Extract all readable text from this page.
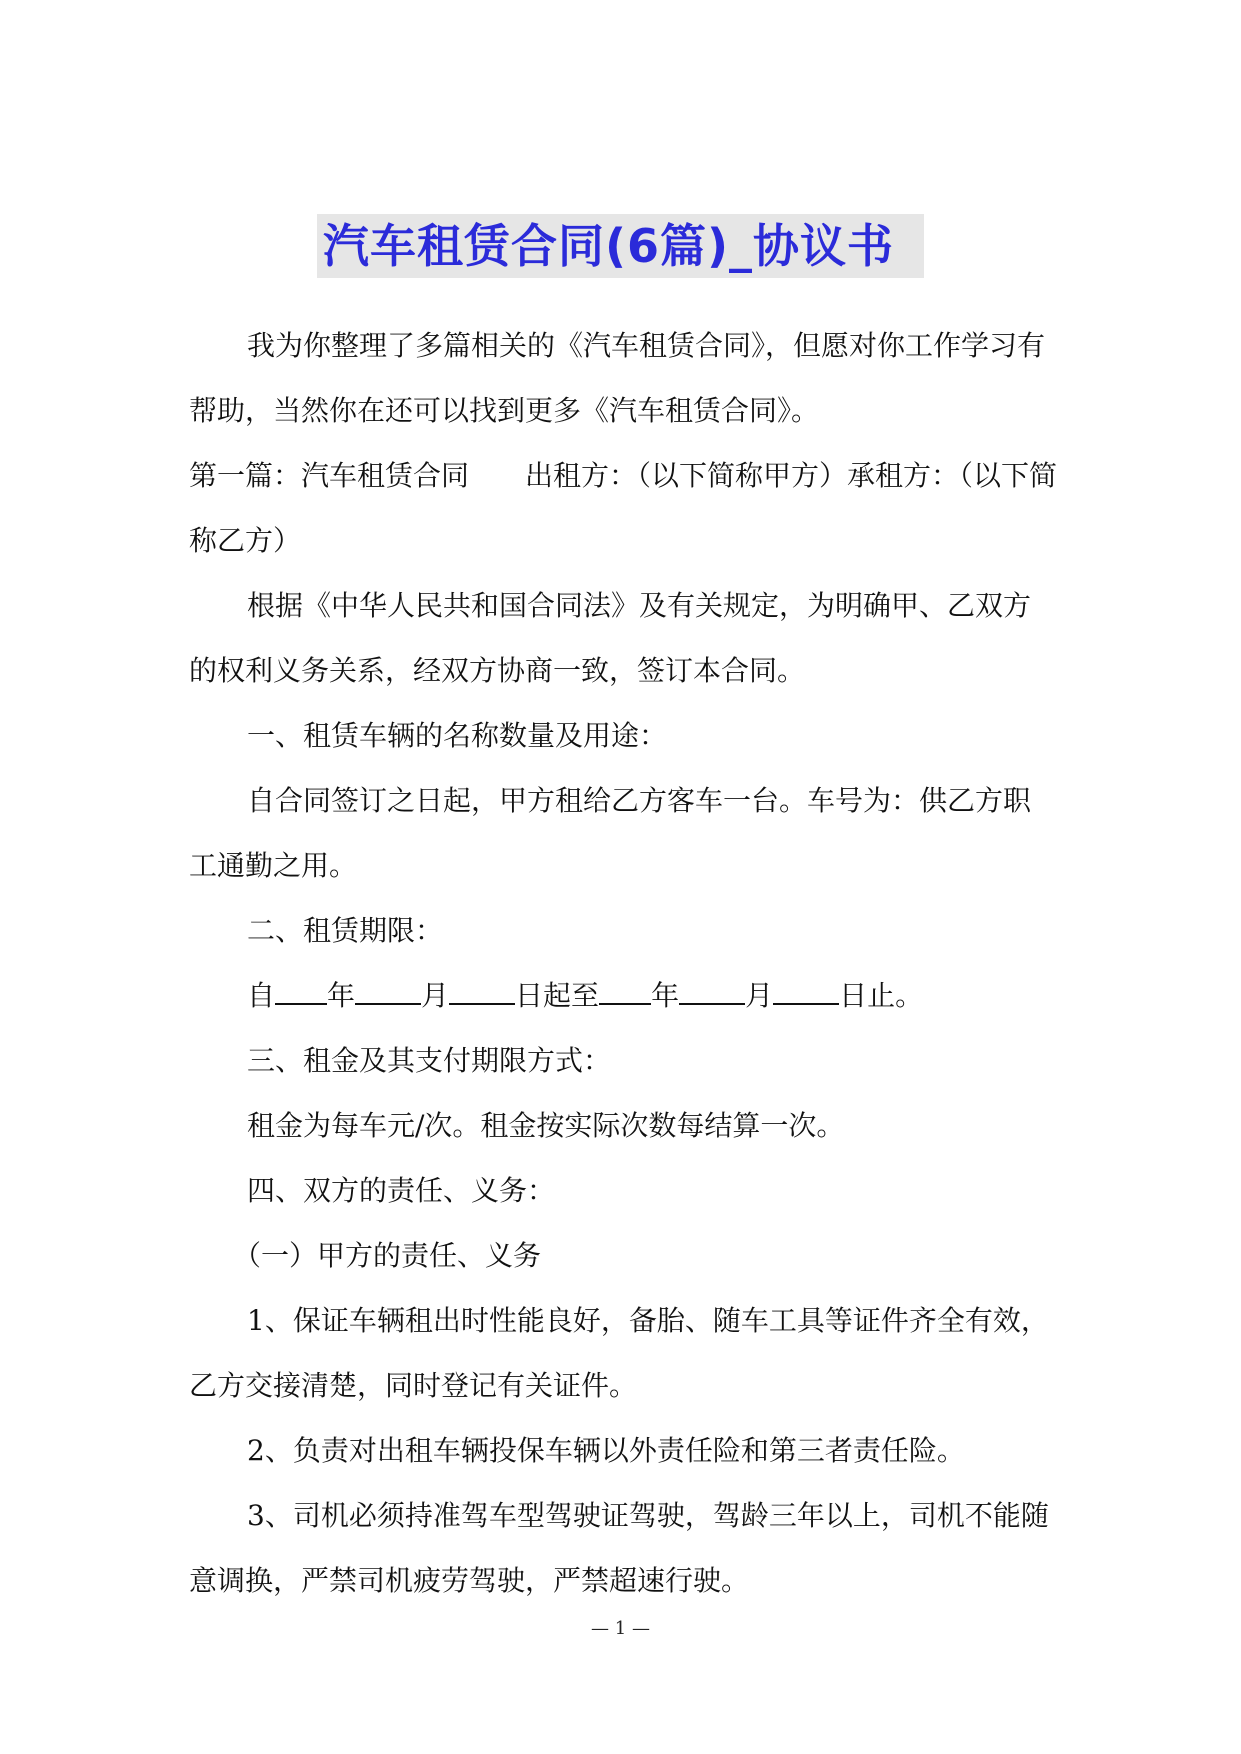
汽车租赁合同(6篇)_协议书

我为你整理了多篇相关的《汽车租赁合同》，但愿对你工作学习有帮助，当然你在还可以找到更多《汽车租赁合同》。

第一篇：汽车租赁合同　　出租方：（以下简称甲方）承租方：（以下简称乙方）

根据《中华人民共和国合同法》及有关规定，为明确甲、乙双方的权利义务关系，经双方协商一致，签订本合同。

一、租赁车辆的名称数量及用途：

自合同签订之日起，甲方租给乙方客车一台。车号为：供乙方职工通勤之用。

二、租赁期限：

自 年 月 日起至 年 月 日止。

三、租金及其支付期限方式：

租金为每车元/次。租金按实际次数每结算一次。

四、双方的责任、义务：

（一）甲方的责任、义务

1、保证车辆租出时性能良好，备胎、随车工具等证件齐全有效，乙方交接清楚，同时登记有关证件。

2、负责对出租车辆投保车辆以外责任险和第三者责任险。

3、司机必须持准驾车型驾驶证驾驶，驾龄三年以上，司机不能随意调换，严禁司机疲劳驾驶，严禁超速行驶。

— 1 —
